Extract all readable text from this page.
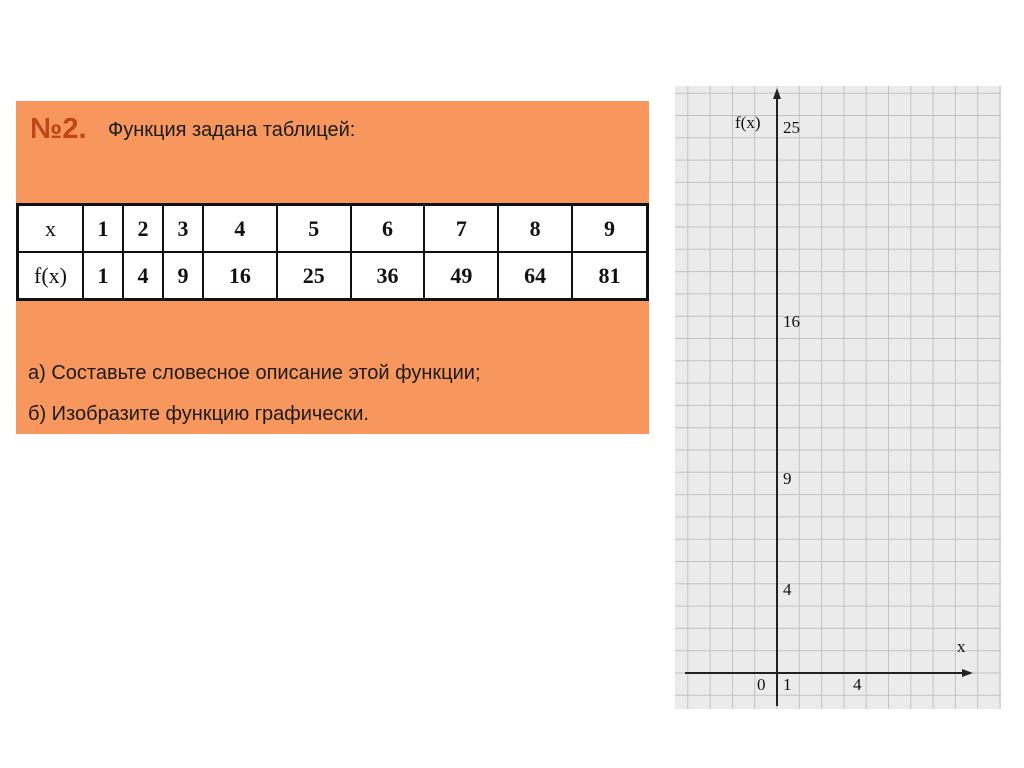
№2. Функция задана таблицей:
x	1	2	3	4	5	6	7	8	9
f(x)	1	4	9	16	25	36	49	64	81
а) Составьте словесное описание этой функции;
б) Изобразите функцию графически.
f(x)
x
0 1	4
4
9
16
25
